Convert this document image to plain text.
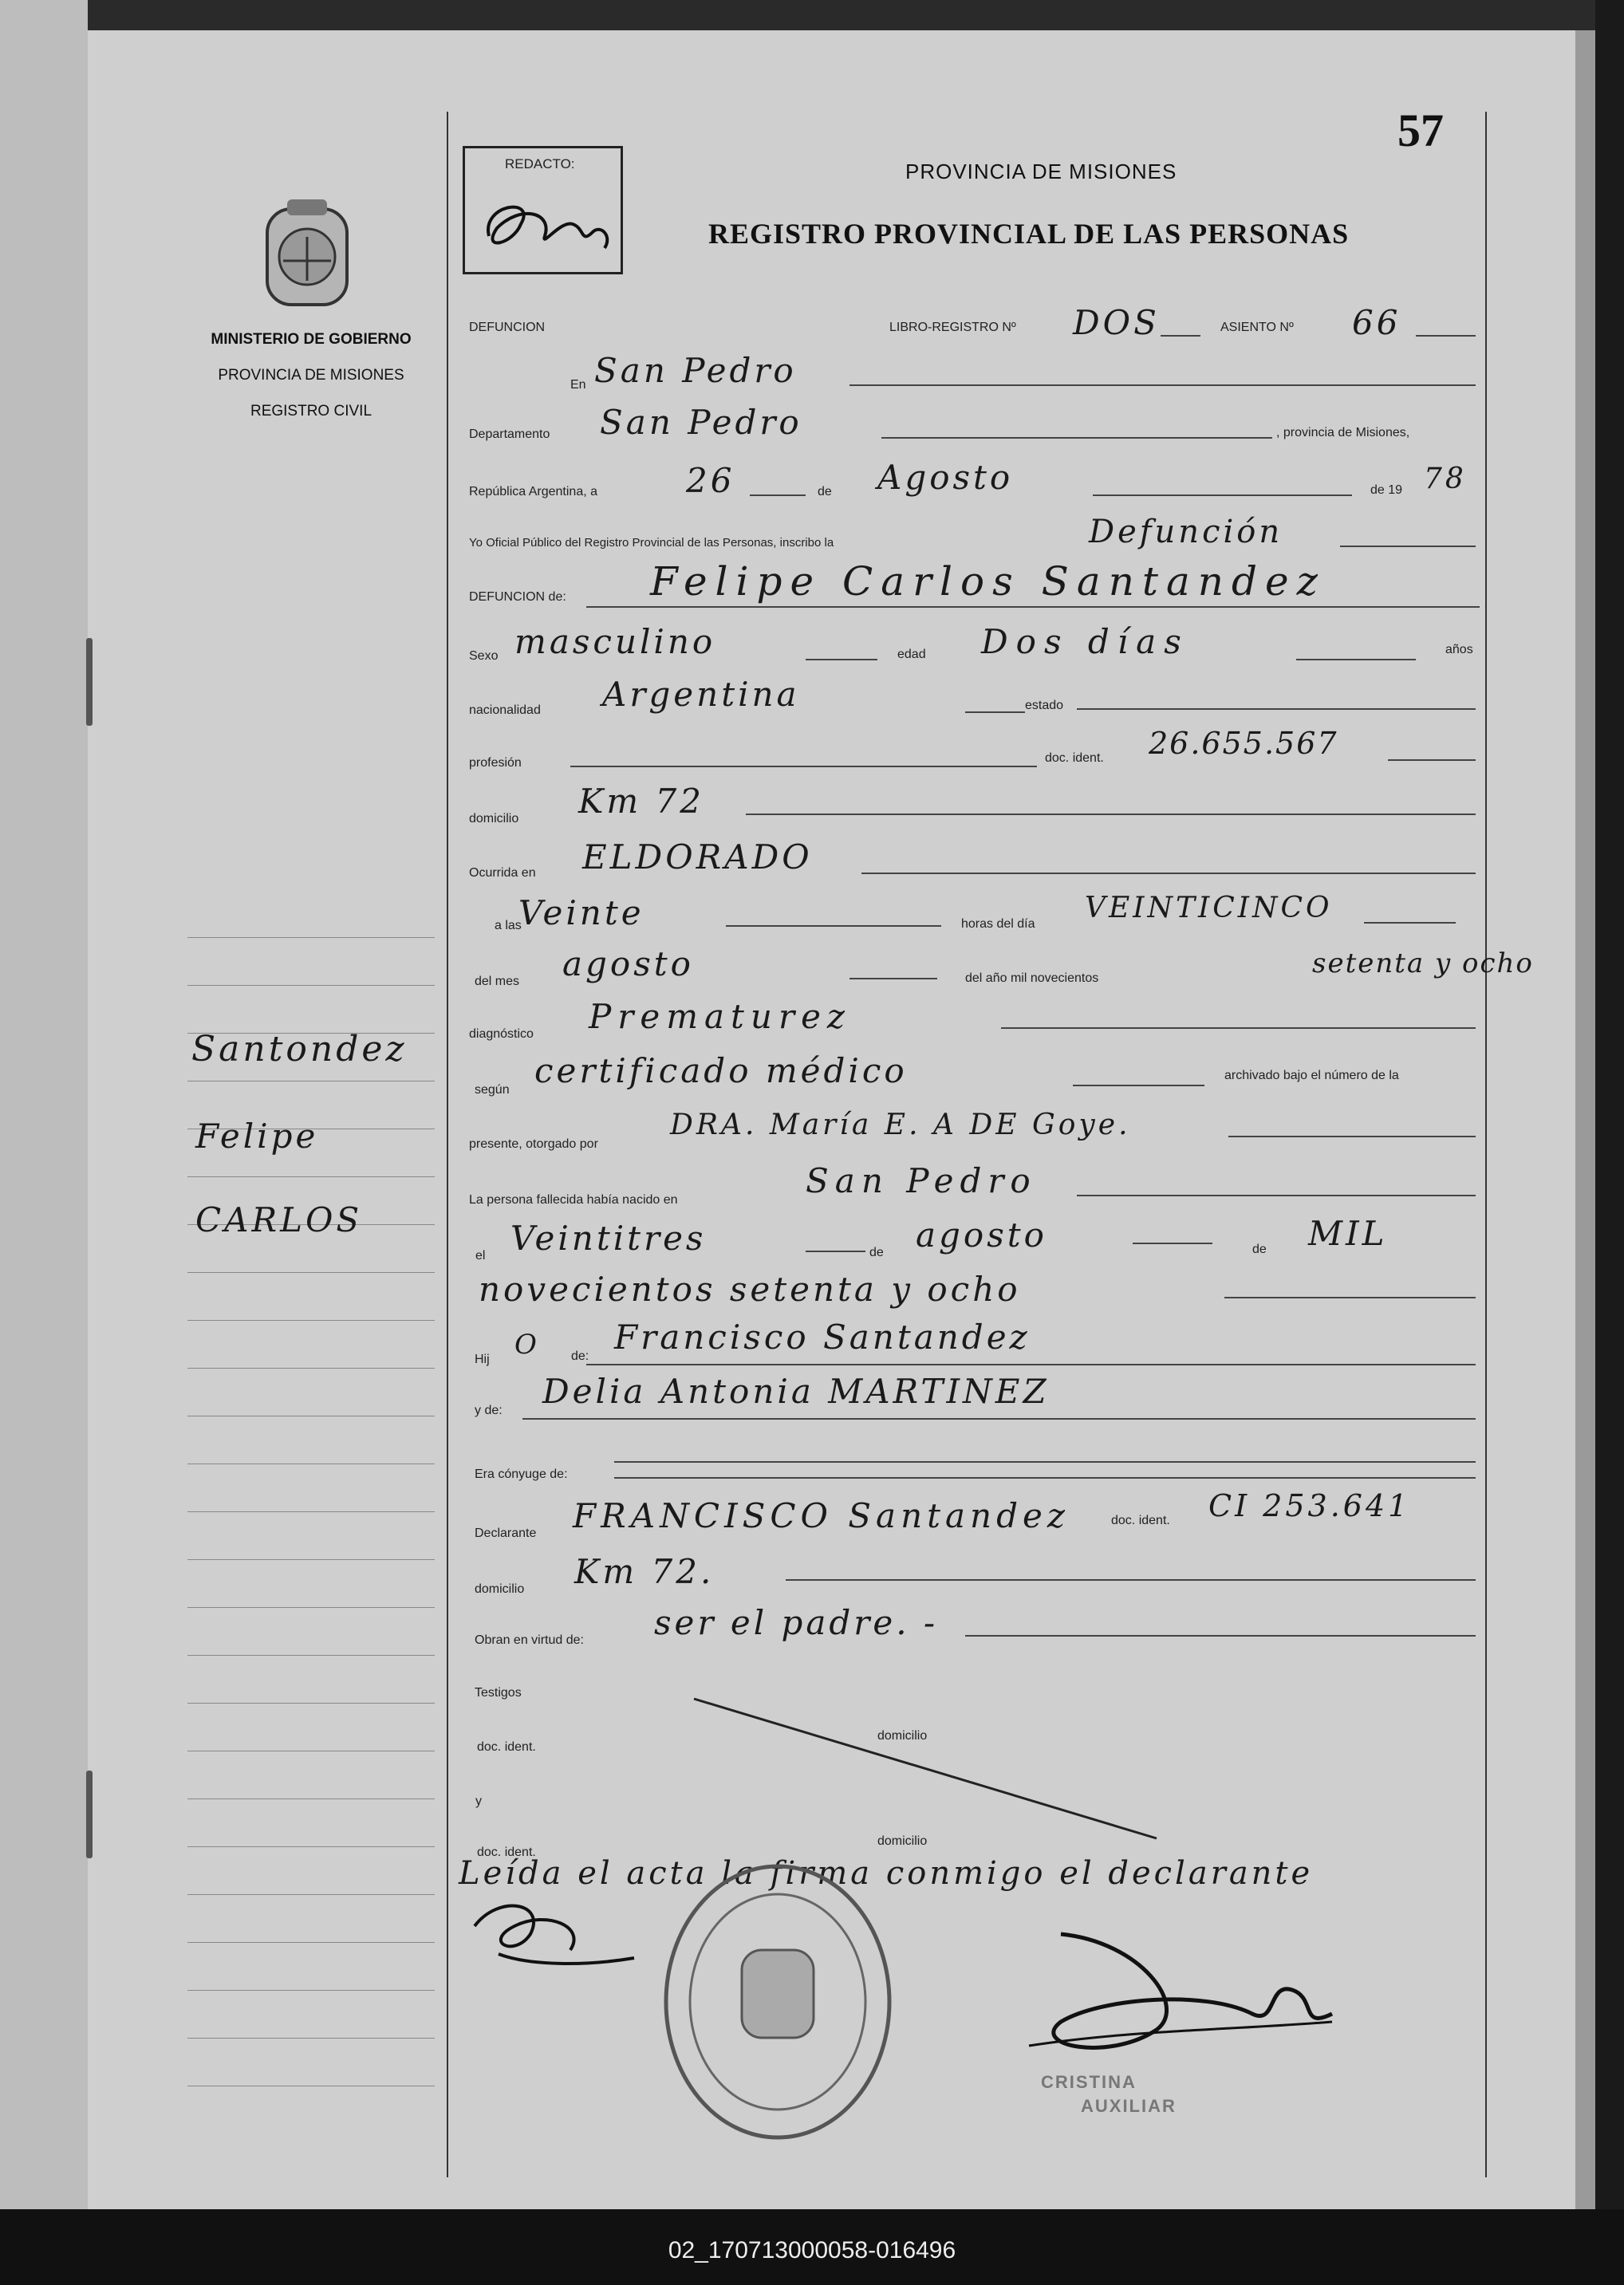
57
REDACTO:
MINISTERIO DE GOBIERNO
PROVINCIA DE MISIONES
REGISTRO CIVIL
PROVINCIA DE MISIONES
REGISTRO PROVINCIAL DE LAS PERSONAS
Santondez
Felipe
CARLOS
DEFUNCION	LIBRO-REGISTRO Nº DOS	ASIENTO Nº 66
En San Pedro
Departamento San Pedro	, provincia de Misiones,
República Argentina, a	26	de Agosto	de 19 78
Yo Oficial Público del Registro Provincial de las Personas, inscribo la	Defunción
DEFUNCION de: Felipe Carlos Santandez
Sexo masculino	edad Dos días	años
nacionalidad Argentina	estado
profesión	doc. ident. 26.655.567
domicilio Km 72
Ocurrida en ELDORADO
a las
Veinte	horas del día VEINTICINCO
del mes agosto	del año mil novecientos	setenta y ocho
diagnóstico Prematurez
según certificado médico	archivado bajo el número de la
presente, otorgado por
DRA. María E. A DE Goye.
La persona fallecida había nacido en	San Pedro
el Veintitres	de agosto	de MIL
novecientos setenta y ocho
Hij O de: Francisco Santandez
y de: Delia Antonia MARTINEZ
Era cónyuge de:
Declarante FRANCISCO Santandez	doc. ident. CI 253.641
domicilio Km 72.
Obran en virtud de: ser el padre. -
Testigos
doc. ident.
domicilio
y
doc. ident.
domicilio
Leída el acta la firma conmigo el declarante
CRISTINA
AUXILIAR
02_170713000058-016496
